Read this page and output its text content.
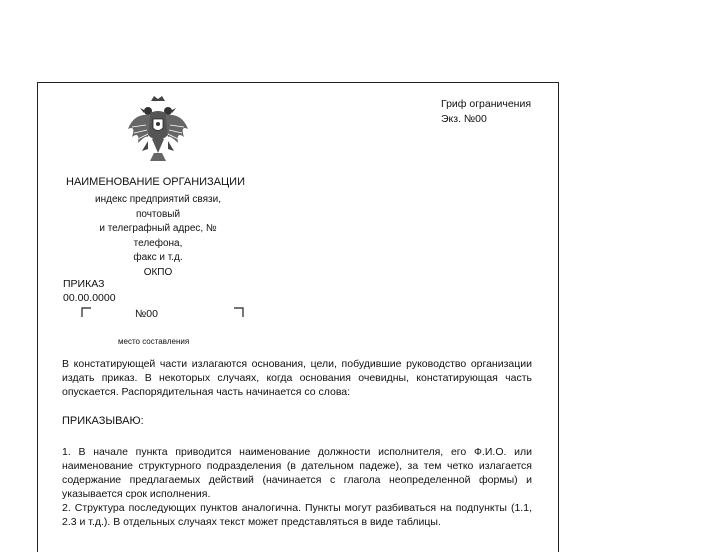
Гриф ограничения
Экз. №00
НАИМЕНОВАНИЕ ОРГАНИЗАЦИИ
индекс предприятий связи,
почтовый
и телеграфный адрес, №
телефона,
факс и т.д.
ОКПО
ПРИКАЗ
00.00.0000
№00
место составления

В констатирующей части излагаются основания, цели, побудившие руководство организации издать приказ. В некоторых случаях, когда основания очевидны, констатирующая часть опускается. Распорядительная часть начинается со слова:

ПРИКАЗЫВАЮ:

1. В начале пункта приводится наименование должности исполнителя, его Ф.И.О. или наименование структурного подразделения (в дательном падеже), за тем четко излагается содержание предлагаемых действий (начинается с глагола неопределенной формы) и указывается срок исполнения.

2. Структура последующих пунктов аналогична. Пункты могут разбиваться на подпункты (1.1, 2.3 и т.д.). В отдельных случаях текст может представляться в виде таблицы.
